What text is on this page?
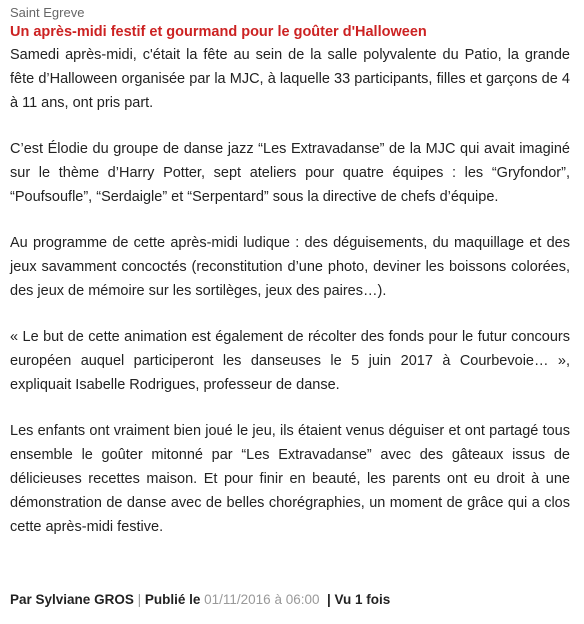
Saint Egreve
Un après-midi festif et gourmand pour le goûter d'Halloween

Samedi après-midi, c'était la fête au sein de la salle polyvalente du Patio, la grande fête d’Halloween organisée par la MJC, à laquelle 33 participants, filles et garçons de 4 à 11 ans, ont pris part.

C’est Élodie du groupe de danse jazz “Les Extravadanse” de la MJC qui avait imaginé sur le thème d’Harry Potter, sept ateliers pour quatre équipes : les “Gryfondor”, “Poufsoufle”, “Serdaigle” et “Serpentard” sous la directive de chefs d’équipe.

Au programme de cette après-midi ludique : des déguisements, du maquillage et des jeux savamment concoctés (reconstitution d’une photo, deviner les boissons colorées, des jeux de mémoire sur les sortilèges, jeux des paires…).

« Le but de cette animation est également de récolter des fonds pour le futur concours européen auquel participeront les danseuses le 5 juin 2017 à Courbevoie… », expliquait Isabelle Rodrigues, professeur de danse.

Les enfants ont vraiment bien joué le jeu, ils étaient venus déguiser et ont partagé tous ensemble le goûter mitonné par “Les Extravadanse” avec des gâteaux issus de délicieuses recettes maison. Et pour finir en beauté, les parents ont eu droit à une démonstration de danse avec de belles chorégraphies, un moment de grâce qui a clos cette après-midi festive.

Par Sylviane GROS | Publié le 01/11/2016 à 06:00  | Vu 1 fois
